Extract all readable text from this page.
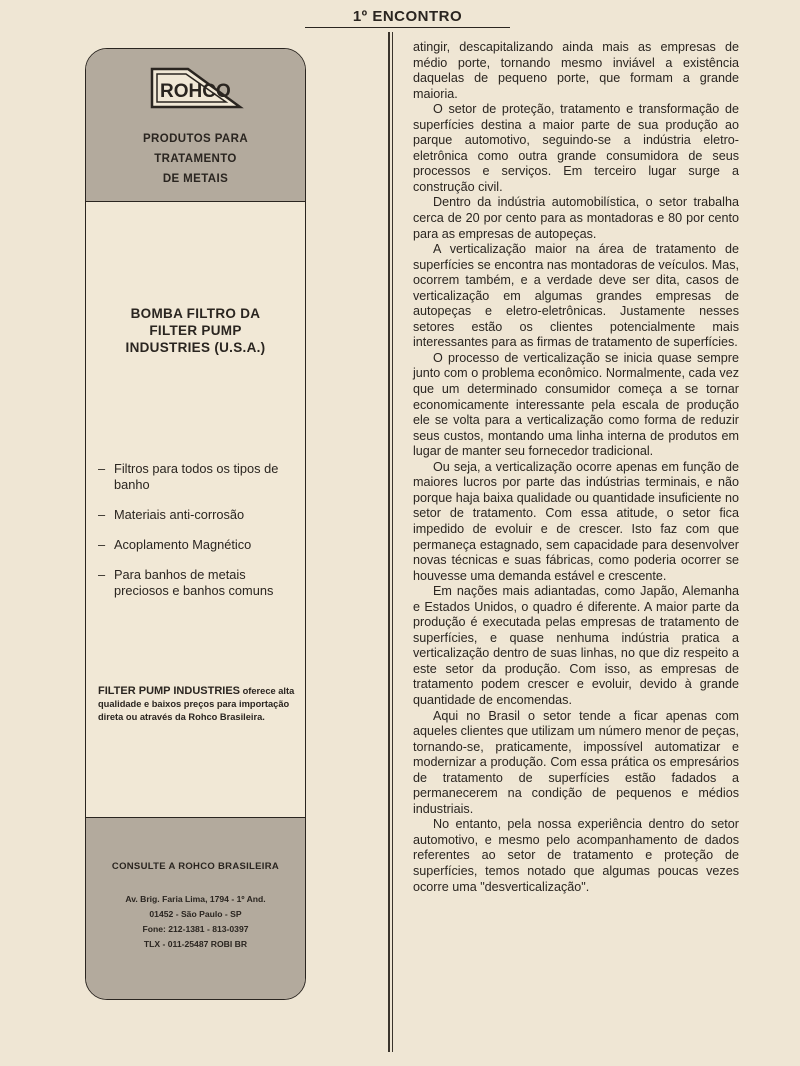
1º ENCONTRO
ROHCO
PRODUTOS PARA
TRATAMENTO
DE METAIS
BOMBA FILTRO DA
FILTER PUMP
INDUSTRIES (U.S.A.)
– Filtros para todos os tipos de banho
– Materiais anti-corrosão
– Acoplamento Magnético
– Para banhos de metais preciosos e banhos comuns
FILTER PUMP INDUSTRIES oferece alta qualidade e baixos preços para importação direta ou através da Rohco Brasileira.
CONSULTE A ROHCO BRASILEIRA
Av. Brig. Faria Lima, 1794 - 1º And.
01452 - São Paulo - SP
Fone: 212-1381 - 813-0397
TLX - 011-25487 ROBI BR

atingir, descapitalizando ainda mais as empresas de médio porte, tornando mesmo inviável a existência daquelas de pequeno porte, que formam a grande maioria.

O setor de proteção, tratamento e transformação de superfícies destina a maior parte de sua produção ao parque automotivo, seguindo-se a indústria eletro-eletrônica como outra grande consumidora de seus processos e serviços. Em terceiro lugar surge a construção civil.

Dentro da indústria automobilística, o setor trabalha cerca de 20 por cento para as montadoras e 80 por cento para as empresas de autopeças.

A verticalização maior na área de tratamento de superfícies se encontra nas montadoras de veículos. Mas, ocorrem também, e a verdade deve ser dita, casos de verticalização em algumas grandes empresas de autopeças e eletro-eletrônicas. Justamente nesses setores estão os clientes potencialmente mais interessantes para as firmas de tratamento de superfícies.

O processo de verticalização se inicia quase sempre junto com o problema econômico. Normalmente, cada vez que um determinado consumidor começa a se tornar economicamente interessante pela escala de produção ele se volta para a verticalização como forma de reduzir seus custos, montando uma linha interna de produtos em lugar de manter seu fornecedor tradicional.

Ou seja, a verticalização ocorre apenas em função de maiores lucros por parte das indústrias terminais, e não porque haja baixa qualidade ou quantidade insuficiente no setor de tratamento. Com essa atitude, o setor fica impedido de evoluir e de crescer. Isto faz com que permaneça estagnado, sem capacidade para desenvolver novas técnicas e suas fábricas, como poderia ocorrer se houvesse uma demanda estável e crescente.

Em nações mais adiantadas, como Japão, Alemanha e Estados Unidos, o quadro é diferente. A maior parte da produção é executada pelas empresas de tratamento de superfícies, e quase nenhuma indústria pratica a verticalização dentro de suas linhas, no que diz respeito a este setor da produção. Com isso, as empresas de tratamento podem crescer e evoluir, devido à grande quantidade de encomendas.

Aqui no Brasil o setor tende a ficar apenas com aqueles clientes que utilizam um número menor de peças, tornando-se, praticamente, impossível automatizar e modernizar a produção. Com essa prática os empresários de tratamento de superfícies estão fadados a permanecerem na condição de pequenos e médios industriais.

No entanto, pela nossa experiência dentro do setor automotivo, e mesmo pelo acompanhamento de dados referentes ao setor de tratamento e proteção de superfícies, temos notado que algumas poucas vezes ocorre uma "desverticalização".
